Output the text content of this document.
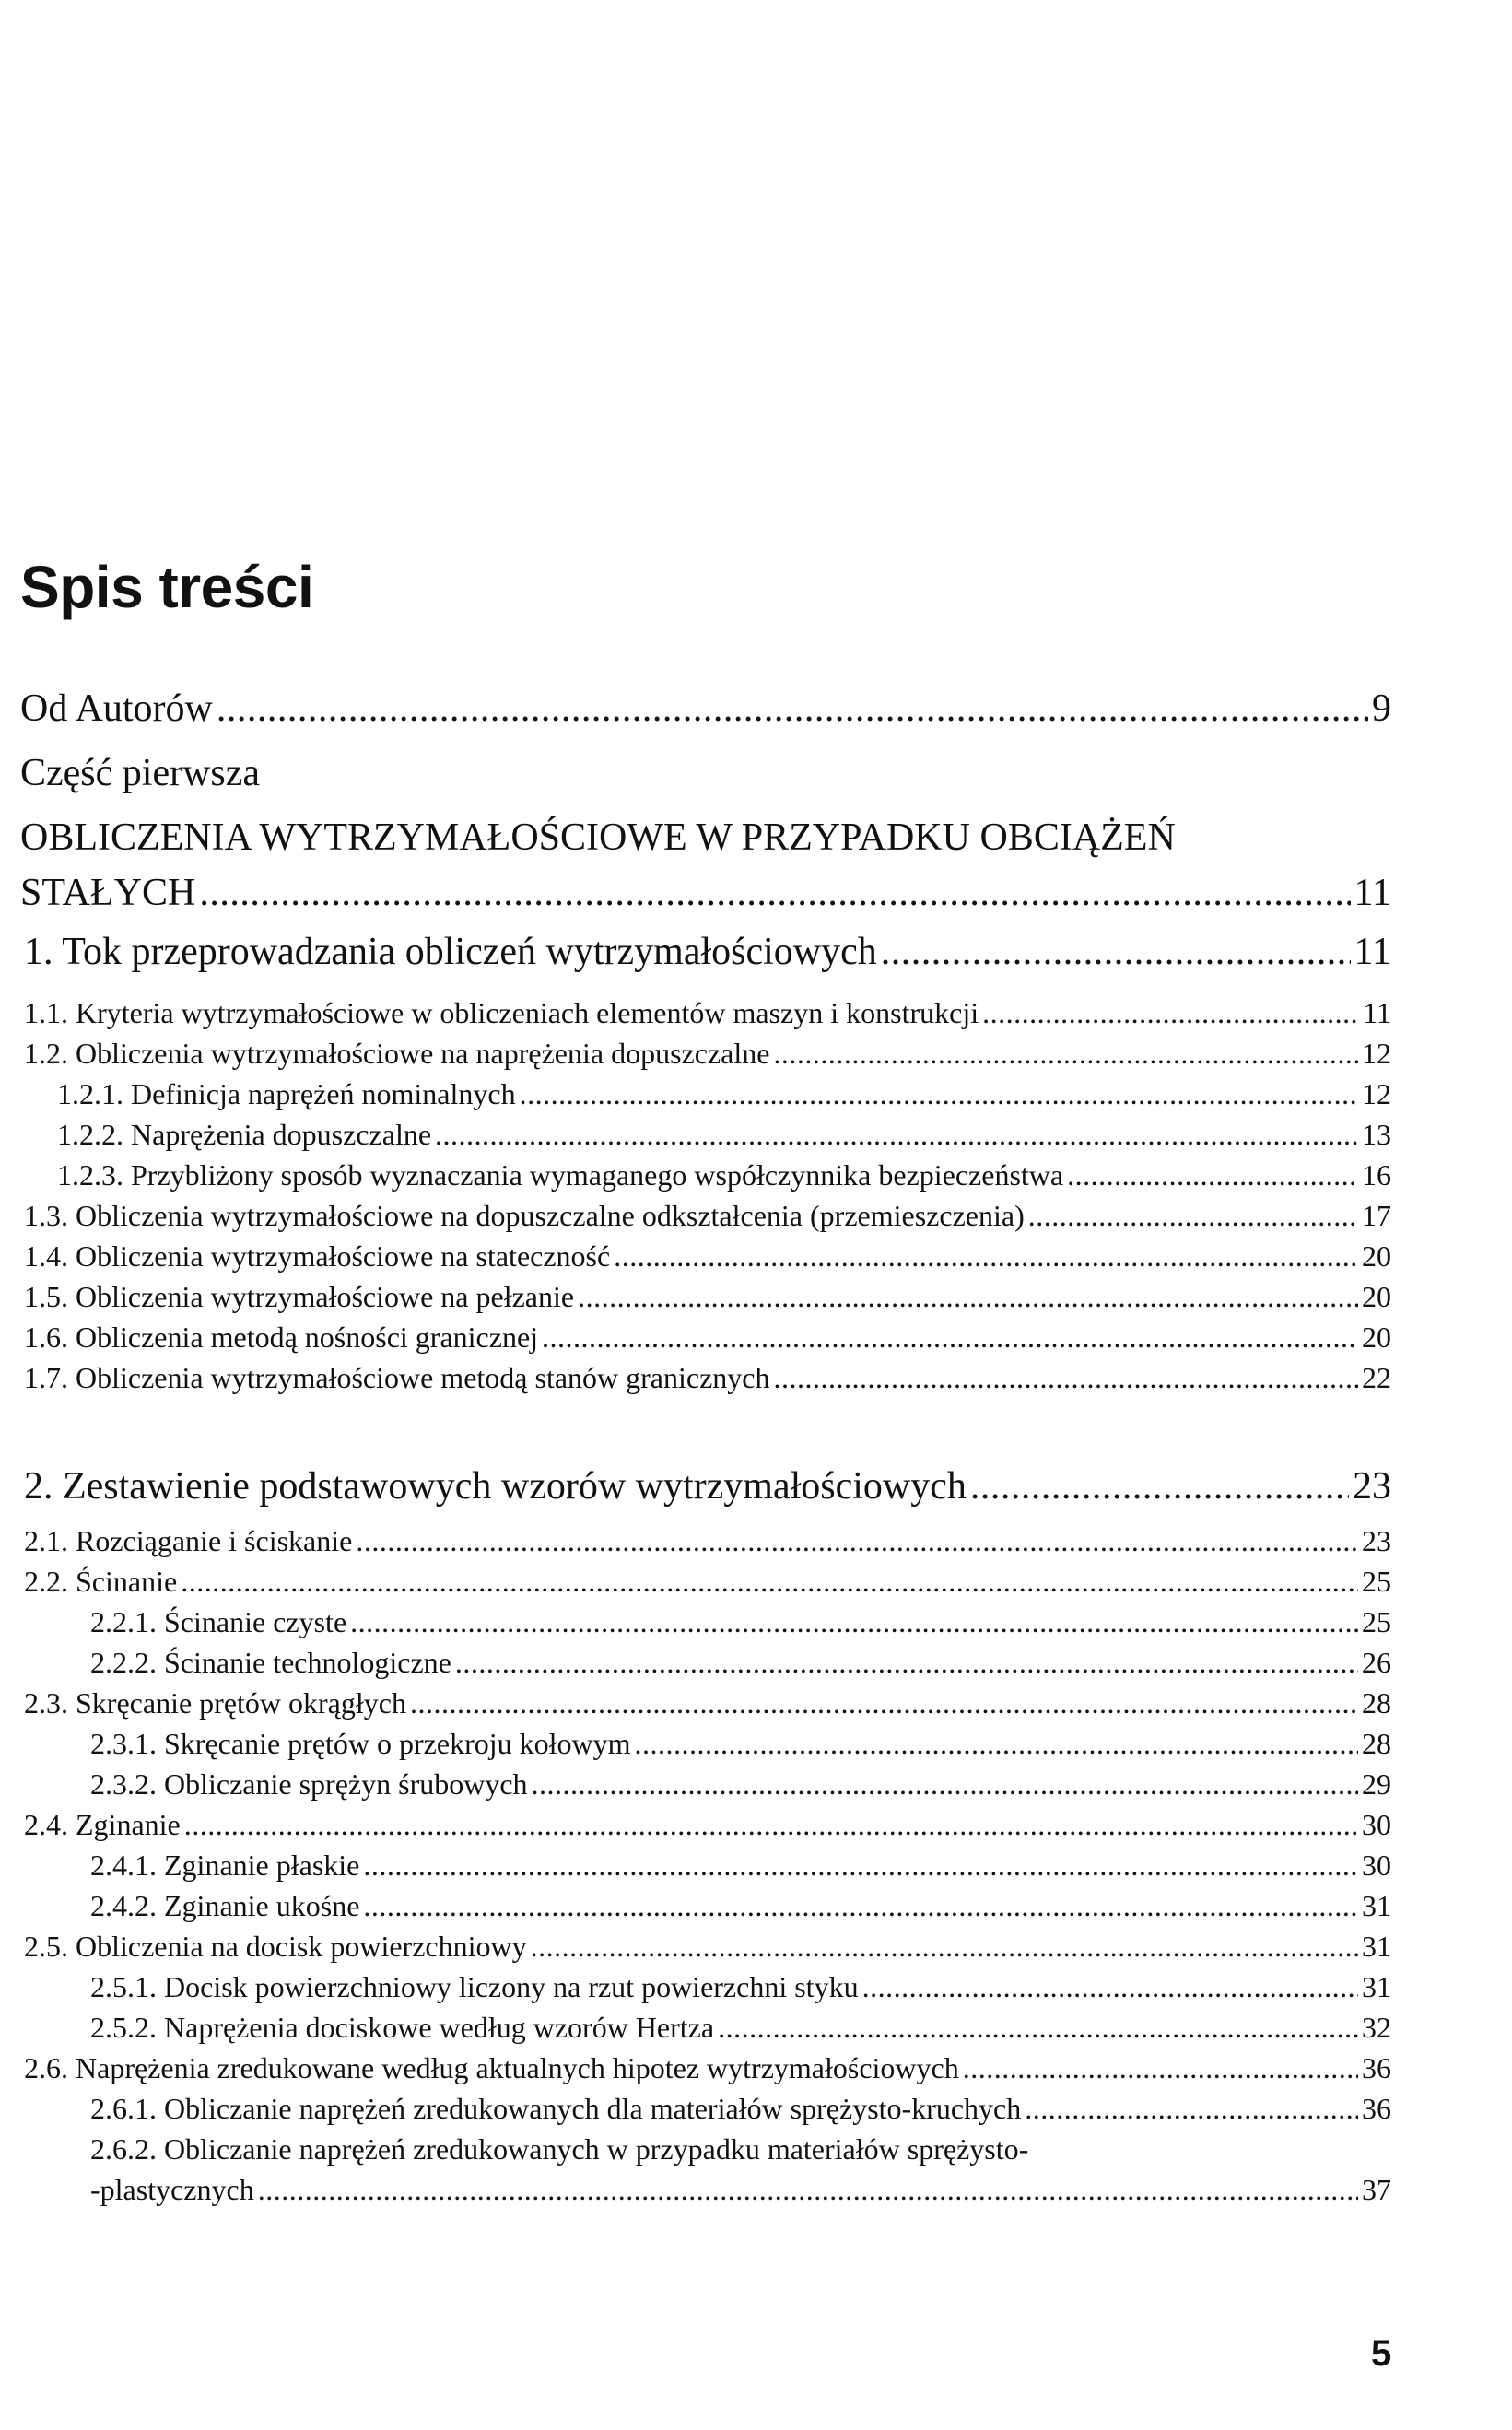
Spis treści
Od Autorów .....	9
Część pierwsza
OBLICZENIA WYTRZYMAŁOŚCIOWE W PRZYPADKU OBCIĄŻEŃ
STAŁYCH .....	11
1. Tok przeprowadzania obliczeń wytrzymałościowych .....	11
1.1. Kryteria wytrzymałościowe w obliczeniach elementów maszyn i konstrukcji .....	11
1.2. Obliczenia wytrzymałościowe na naprężenia dopuszczalne .....	12
1.2.1. Definicja naprężeń nominalnych .....	12
1.2.2. Naprężenia dopuszczalne .....	13
1.2.3. Przybliżony sposób wyznaczania wymaganego współczynnika bezpieczeństwa .....	16
1.3. Obliczenia wytrzymałościowe na dopuszczalne odkształcenia (przemieszczenia) .....	17
1.4. Obliczenia wytrzymałościowe na stateczność .....	20
1.5. Obliczenia wytrzymałościowe na pełzanie .....	20
1.6. Obliczenia metodą nośności granicznej .....	20
1.7. Obliczenia wytrzymałościowe metodą stanów granicznych .....	22
2. Zestawienie podstawowych wzorów wytrzymałościowych .....	23
2.1. Rozciąganie i ściskanie .....	23
2.2. Ścinanie .....	25
2.2.1. Ścinanie czyste .....	25
2.2.2. Ścinanie technologiczne .....	26
2.3. Skręcanie prętów okrągłych .....	28
2.3.1. Skręcanie prętów o przekroju kołowym .....	28
2.3.2. Obliczanie sprężyn śrubowych .....	29
2.4. Zginanie .....	30
2.4.1. Zginanie płaskie .....	30
2.4.2. Zginanie ukośne .....	31
2.5. Obliczenia na docisk powierzchniowy .....	31
2.5.1. Docisk powierzchniowy liczony na rzut powierzchni styku .....	31
2.5.2. Naprężenia dociskowe według wzorów Hertza .....	32
2.6. Naprężenia zredukowane według aktualnych hipotez wytrzymałościowych .....	36
2.6.1. Obliczanie naprężeń zredukowanych dla materiałów sprężysto-kruchych .....	36
2.6.2. Obliczanie naprężeń zredukowanych w przypadku materiałów sprężysto-
-plastycznych .....	37
5
